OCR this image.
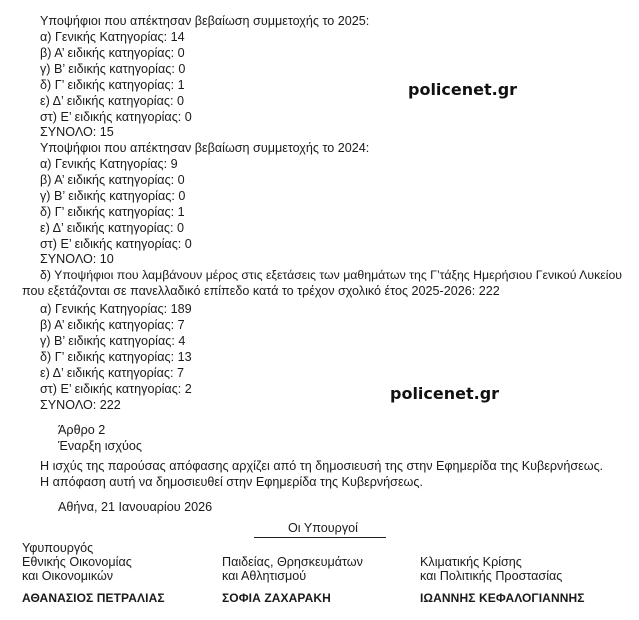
Υποψήφιοι που απέκτησαν βεβαίωση συμμετοχής το 2025:
α) Γενικής Κατηγορίας: 14
β) Α’ ειδικής κατηγορίας: 0
γ) Β’ ειδικής κατηγορίας: 0
δ) Γ’ ειδικής κατηγορίας: 1
ε) Δ’ ειδικής κατηγορίας: 0
στ) Ε’ ειδικής κατηγορίας: 0
ΣΥΝΟΛΟ: 15
policenet.gr
Υποψήφιοι που απέκτησαν βεβαίωση συμμετοχής το 2024:
α) Γενικής Κατηγορίας: 9
β) Α’ ειδικής κατηγορίας: 0
γ) Β’ ειδικής κατηγορίας: 0
δ) Γ’ ειδικής κατηγορίας: 1
ε) Δ’ ειδικής κατηγορίας: 0
στ) Ε’ ειδικής κατηγορίας: 0
ΣΥΝΟΛΟ: 10
δ) Υποψήφιοι που λαμβάνουν μέρος στις εξετάσεις των μαθημάτων της Γ’τάξης Ημερήσιου Γενικού Λυκείου
που εξετάζονται σε πανελλαδικό επίπεδο κατά το τρέχον σχολικό έτος 2025-2026: 222
α) Γενικής Κατηγορίας: 189
β) Α’ ειδικής κατηγορίας: 7
γ) Β’ ειδικής κατηγορίας: 4
δ) Γ’ ειδικής κατηγορίας: 13
ε) Δ’ ειδικής κατηγορίας: 7
στ) Ε’ ειδικής κατηγορίας: 2
ΣΥΝΟΛΟ: 222
policenet.gr
Άρθρο 2
Έναρξη ισχύος
Η ισχύς της παρούσας απόφασης αρχίζει από τη δημοσιευσή της στην Εφημερίδα της Κυβερνήσεως.
Η απόφαση αυτή να δημοσιευθεί στην Εφημερίδα της Κυβερνήσεως.
Αθήνα, 21 Ιανουαρίου 2026
Οι Υπουργοί
Υφυπουργός
Εθνικής Οικονομίας
και Οικονομικών
ΑΘΑΝΑΣΙΟΣ ΠΕΤΡΑΛΙΑΣ
Παιδείας, Θρησκευμάτων
και Αθλητισμού
ΣΟΦΙΑ ΖΑΧΑΡΑΚΗ
Κλιματικής Κρίσης
και Πολιτικής Προστασίας
ΙΩΑΝΝΗΣ ΚΕΦΑΛΟΓΙΑΝΝΗΣ
